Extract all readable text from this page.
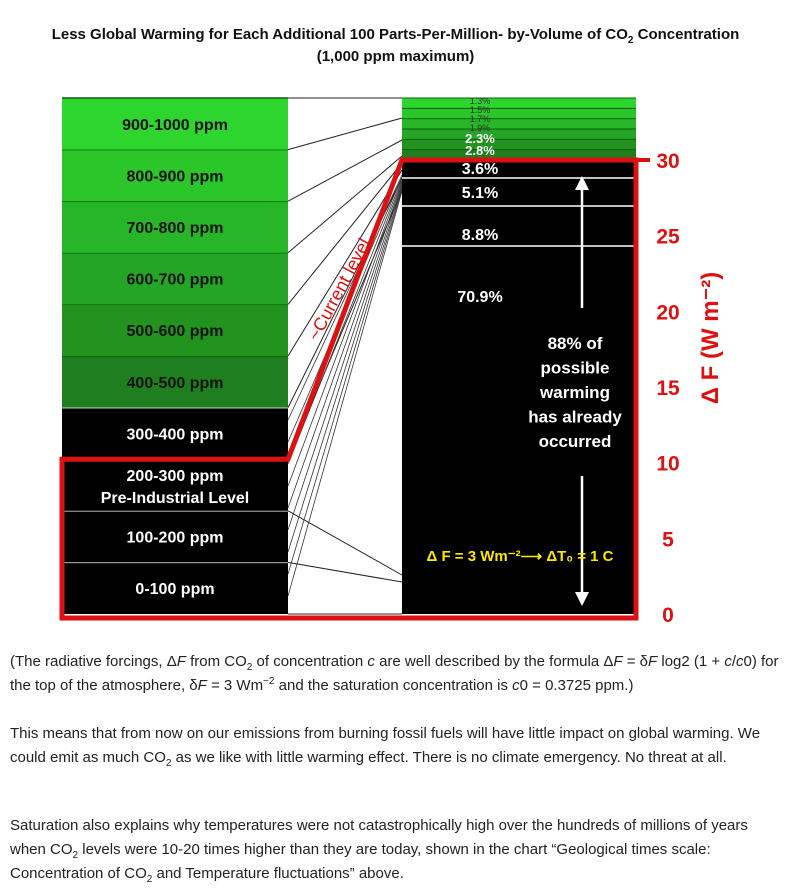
Less Global Warming for Each Additional 100 Parts-Per-Million- by-Volume of $CO_2$ Concentration
(1,000 ppm maximum)
0-100 ppm
100-200 ppm
200-300 ppm
Pre-Industrial Level
300-400 ppm
400-500 ppm
500-600 ppm
600-700 ppm
700-800 ppm
800-900 ppm
900-1000 ppm
1.3%
1.5%
1.7%
1.9%
2.3%
2.8%
3.6%
5.1%
8.8%
70.9%
~Current level
0
5
10
15
20
25
30
Δ F (W m⁻²)
88% of
possible
warming
has already
occurred
Δ F = 3 Wm⁻²⟶ ΔT₀ = 1 C
(The radiative forcings, ΔF from $CO_2$ of concentration c are well described by the formula ΔF = δF log2 (1 + c/c0) for the top of the atmosphere, δF = 3 $Wm^{-2}$ and the saturation concentration is c0 = 0.3725 ppm.)
This means that from now on our emissions from burning fossil fuels will have little impact on global warming. We could emit as much $CO_2$ as we like with little warming effect. There is no climate emergency. No threat at all.
Saturation also explains why temperatures were not catastrophically high over the hundreds of millions of years when $CO_2$ levels were 10-20 times higher than they are today, shown in the chart “Geological times scale: Concentration of $CO_2$ and Temperature fluctuations” above.
